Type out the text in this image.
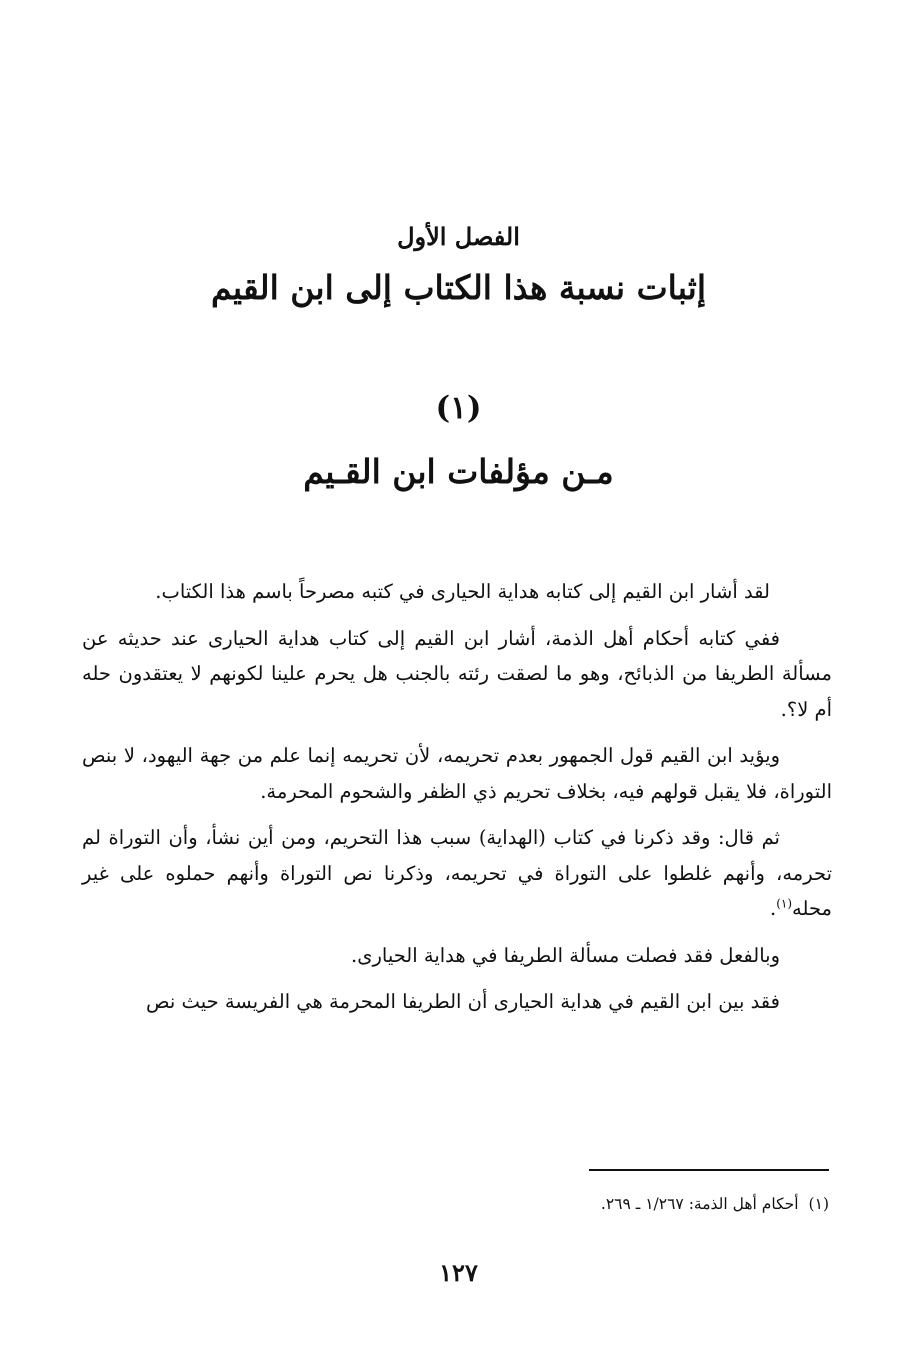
الفصل الأول
إثبات نسبة هذا الكتاب إلى ابن القيم
(١)
مـن مؤلفات ابن القـيم

لقد أشار ابن القيم إلى كتابه هداية الحيارى في كتبه مصرحاً باسم هذا الكتاب.

ففي كتابه أحكام أهل الذمة، أشار ابن القيم إلى كتاب هداية الحيارى عند حديثه عن مسألة الطريفا من الذبائح، وهو ما لصقت رئته بالجنب هل يحرم علينا لكونهم لا يعتقدون حله أم لا؟.

ويؤيد ابن القيم قول الجمهور بعدم تحريمه، لأن تحريمه إنما علم من جهة اليهود، لا بنص التوراة، فلا يقبل قولهم فيه، بخلاف تحريم ذي الظفر والشحوم المحرمة.

ثم قال: وقد ذكرنا في كتاب (الهداية) سبب هذا التحريم، ومن أين نشأ، وأن التوراة لم تحرمه، وأنهم غلطوا على التوراة في تحريمه، وذكرنا نص التوراة وأنهم حملوه على غير محله$^{(١)}$.

وبالفعل فقد فصلت مسألة الطريفا في هداية الحيارى.

فقد بين ابن القيم في هداية الحيارى أن الطريفا المحرمة هي الفريسة حيث نص

(١)أحكام أهل الذمة: ١/٢٦٧ ـ ٢٦٩.
١٢٧
